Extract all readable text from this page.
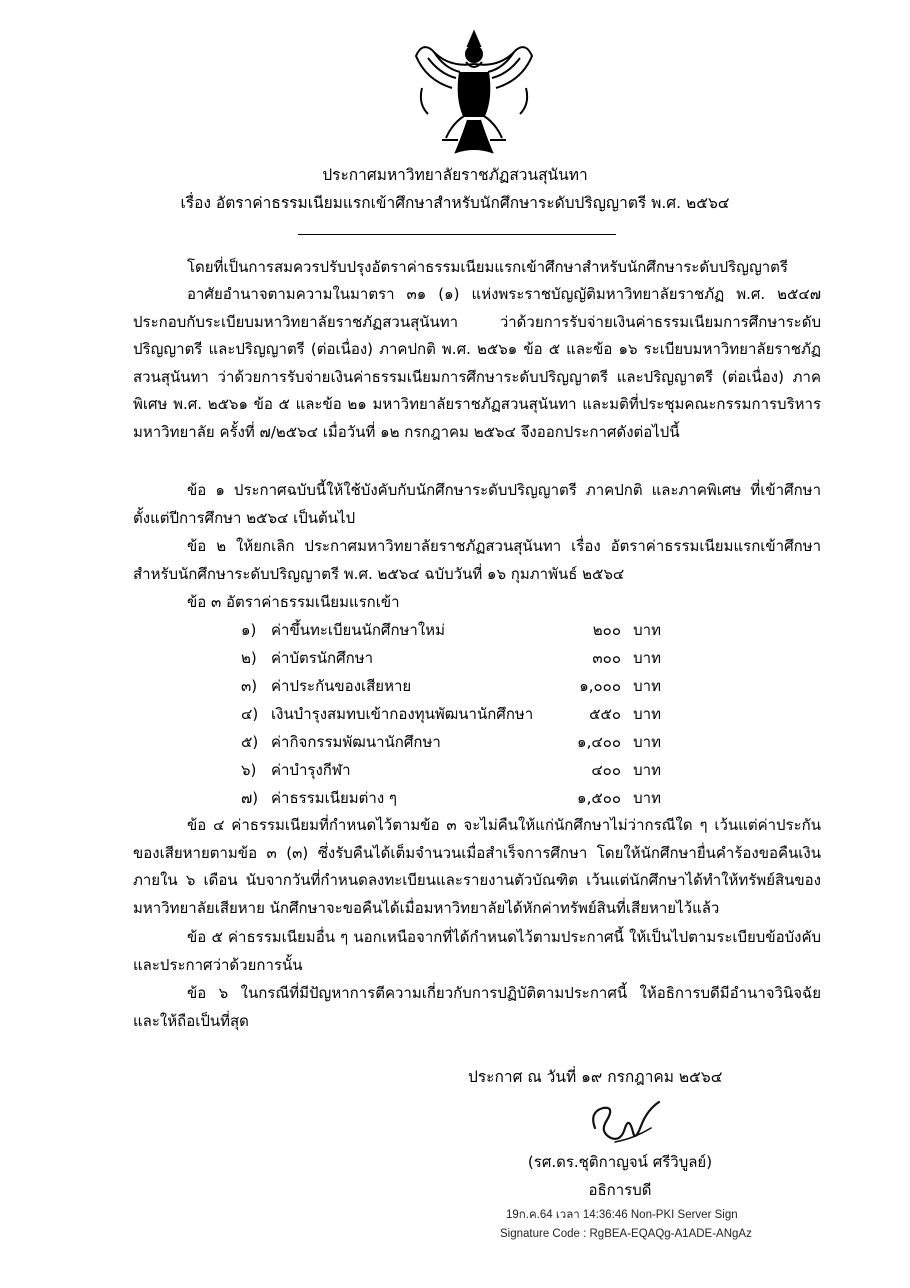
ประกาศมหาวิทยาลัยราชภัฏสวนสุนันทา
เรื่อง อัตราค่าธรรมเนียมแรกเข้าศึกษาสำหรับนักศึกษาระดับปริญญาตรี พ.ศ. ๒๕๖๔
โดยที่เป็นการสมควรปรับปรุงอัตราค่าธรรมเนียมแรกเข้าศึกษาสำหรับนักศึกษาระดับปริญญาตรี
อาศัยอำนาจตามความในมาตรา ๓๑ (๑) แห่งพระราชบัญญัติมหาวิทยาลัยราชภัฏ พ.ศ. ๒๕๔๗ ประกอบกับระเบียบมหาวิทยาลัยราชภัฏสวนสุนันทา ว่าด้วยการรับจ่ายเงินค่าธรรมเนียมการศึกษาระดับปริญญาตรี และปริญญาตรี (ต่อเนื่อง) ภาคปกติ พ.ศ. ๒๕๖๑ ข้อ ๕ และข้อ ๑๖ ระเบียบมหาวิทยาลัยราชภัฏสวนสุนันทา ว่าด้วยการรับจ่ายเงินค่าธรรมเนียมการศึกษาระดับปริญญาตรี และปริญญาตรี (ต่อเนื่อง) ภาคพิเศษ พ.ศ. ๒๕๖๑ ข้อ ๕ และข้อ ๒๑ มหาวิทยาลัยราชภัฏสวนสุนันทา และมติที่ประชุมคณะกรรมการบริหารมหาวิทยาลัย ครั้งที่ ๗/๒๕๖๔ เมื่อวันที่ ๑๒ กรกฎาคม ๒๕๖๔ จึงออกประกาศดังต่อไปนี้
ข้อ ๑ ประกาศฉบับนี้ให้ใช้บังคับกับนักศึกษาระดับปริญญาตรี ภาคปกติ และภาคพิเศษ ที่เข้าศึกษาตั้งแต่ปีการศึกษา ๒๕๖๔ เป็นต้นไป
ข้อ ๒ ให้ยกเลิก ประกาศมหาวิทยาลัยราชภัฏสวนสุนันทา เรื่อง อัตราค่าธรรมเนียมแรกเข้าศึกษาสำหรับนักศึกษาระดับปริญญาตรี พ.ศ. ๒๕๖๔ ฉบับวันที่ ๑๖ กุมภาพันธ์ ๒๕๖๔
ข้อ ๓ อัตราค่าธรรมเนียมแรกเข้า
๑) ค่าขึ้นทะเบียนนักศึกษาใหม่	๒๐๐ บาท
๒) ค่าบัตรนักศึกษา	๓๐๐ บาท
๓) ค่าประกันของเสียหาย	๑,๐๐๐ บาท
๔) เงินบำรุงสมทบเข้ากองทุนพัฒนานักศึกษา	๕๕๐ บาท
๕) ค่ากิจกรรมพัฒนานักศึกษา	๑,๔๐๐ บาท
๖) ค่าบำรุงกีฬา	๔๐๐ บาท
๗) ค่าธรรมเนียมต่าง ๆ	๑,๕๐๐ บาท
ข้อ ๔ ค่าธรรมเนียมที่กำหนดไว้ตามข้อ ๓ จะไม่คืนให้แก่นักศึกษาไม่ว่ากรณีใด ๆ เว้นแต่ค่าประกันของเสียหายตามข้อ ๓ (๓) ซึ่งรับคืนได้เต็มจำนวนเมื่อสำเร็จการศึกษา โดยให้นักศึกษายื่นคำร้องขอคืนเงินภายใน ๖ เดือน นับจากวันที่กำหนดลงทะเบียนและรายงานตัวบัณฑิต เว้นแต่นักศึกษาได้ทำให้ทรัพย์สินของมหาวิทยาลัยเสียหาย นักศึกษาจะขอคืนได้เมื่อมหาวิทยาลัยได้หักค่าทรัพย์สินที่เสียหายไว้แล้ว
ข้อ ๕ ค่าธรรมเนียมอื่น ๆ นอกเหนือจากที่ได้กำหนดไว้ตามประกาศนี้ ให้เป็นไปตามระเบียบข้อบังคับ และประกาศว่าด้วยการนั้น
ข้อ ๖ ในกรณีที่มีปัญหาการตีความเกี่ยวกับการปฏิบัติตามประกาศนี้ ให้อธิการบดีมีอำนาจวินิจฉัยและให้ถือเป็นที่สุด
ประกาศ ณ วันที่ ๑๙ กรกฎาคม ๒๕๖๔
(รศ.ดร.ชุติกาญจน์ ศรีวิบูลย์)
อธิการบดี
19ก.ค.64 เวลา 14:36:46 Non-PKI Server Sign
Signature Code : RgBEA-EQAQg-A1ADE-ANgAz
